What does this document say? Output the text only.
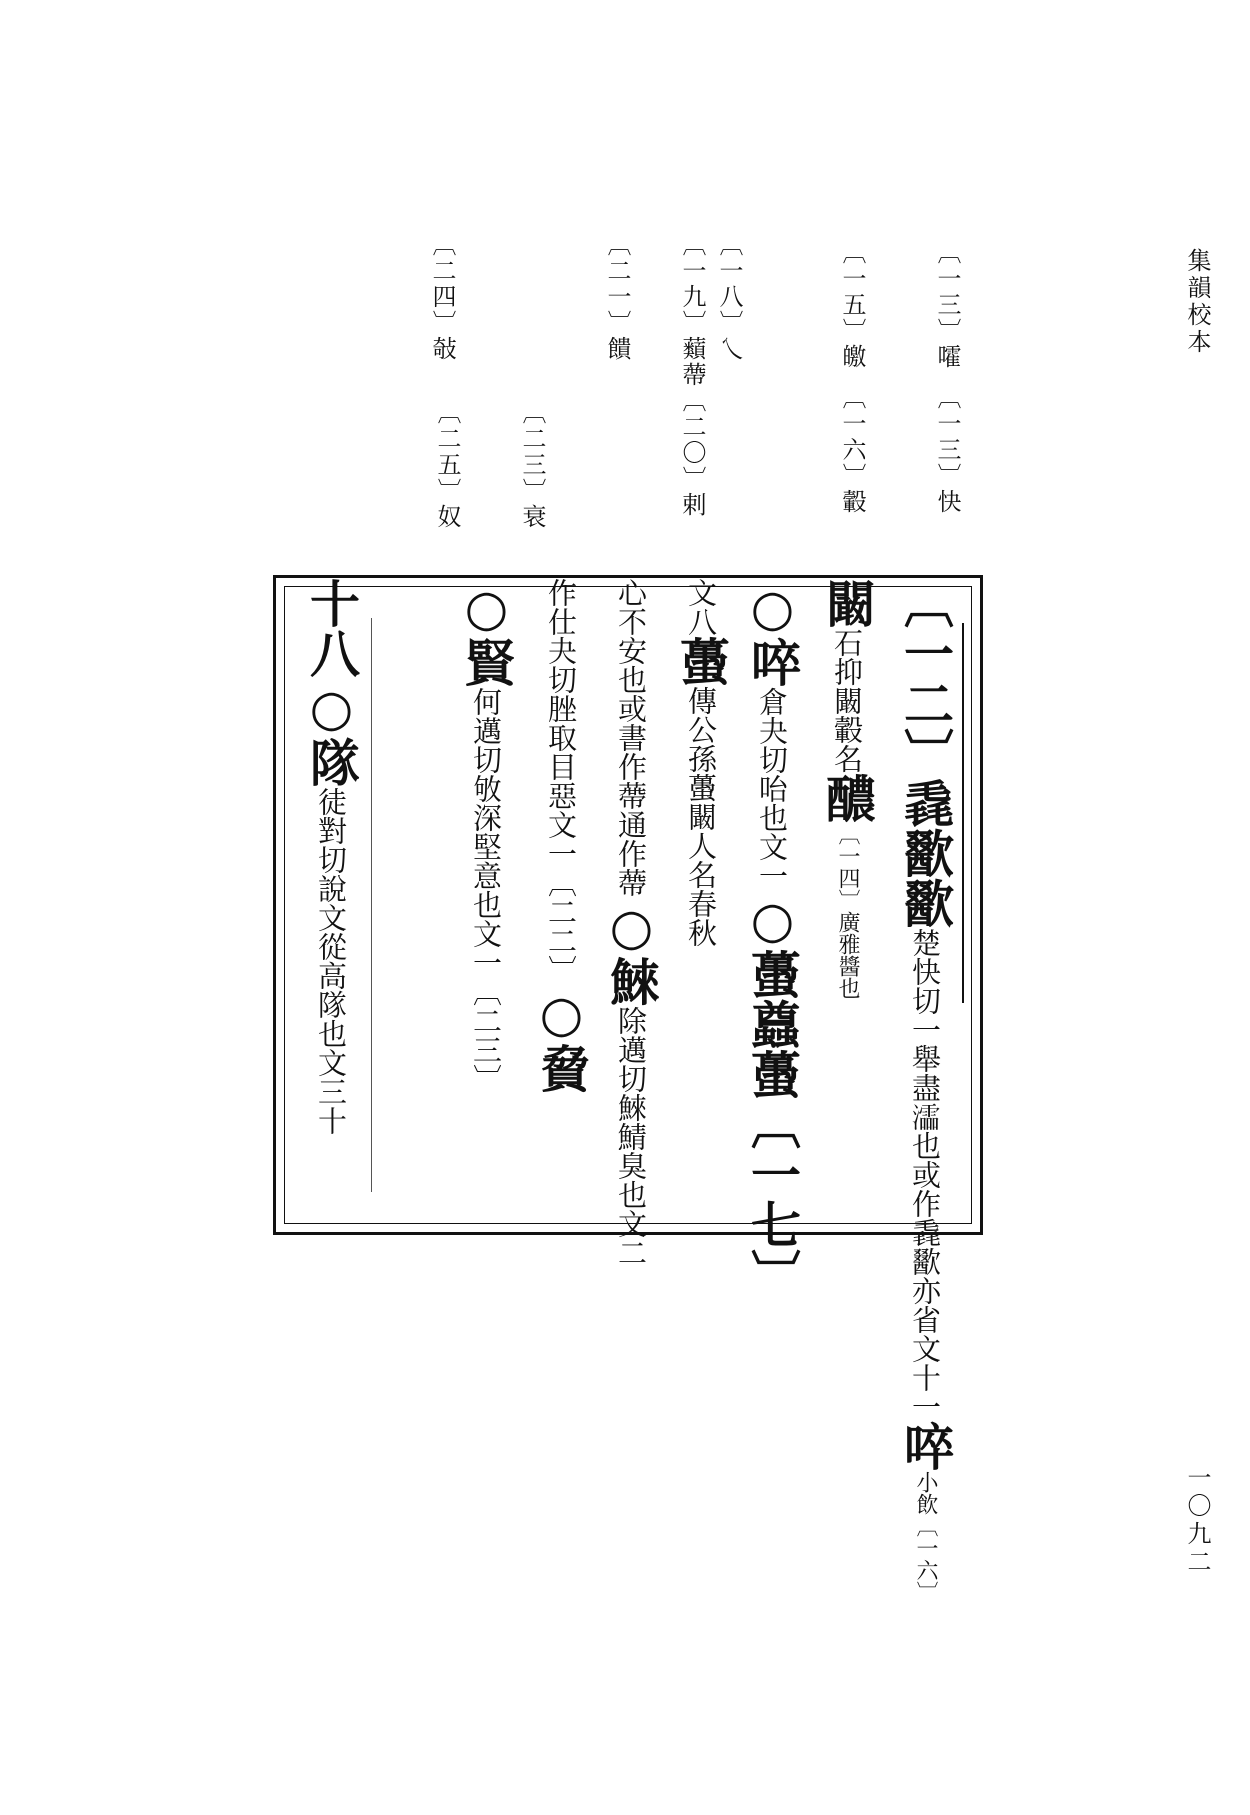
集韻校本
一〇九二
〔一三〕嚯
〔一三〕快
〔一五〕皦
〔一六〕轂
〔一八〕乀
〔一九〕蘱蔕〔二〇〕剌
〔二一〕饋
〔二三〕衰
〔二四〕敧
〔二五〕奴
〔一二〕毳歠歠
楚快切一舉盡𤃩也或作毳歠亦省文十一
啐
小飲〔一六〕
闞
石抑闞轂名
醲
〔一四〕廣雅醬也
○啐
倉夬切咍也文一
○蠆蠤蠆〔一七〕
文
八
蠆
傳公孫蠆闞人名春秋
心
不安也或書作蔕通作蔕
○鯠
除邁切鯠鯖臭也文二
作
仕夬切脞取目惡文一〔二二〕
○䝱
○賢
何邁切敂深堅意也文一〔二三〕
十八○隊
徒對切說文從高隊也文三十
